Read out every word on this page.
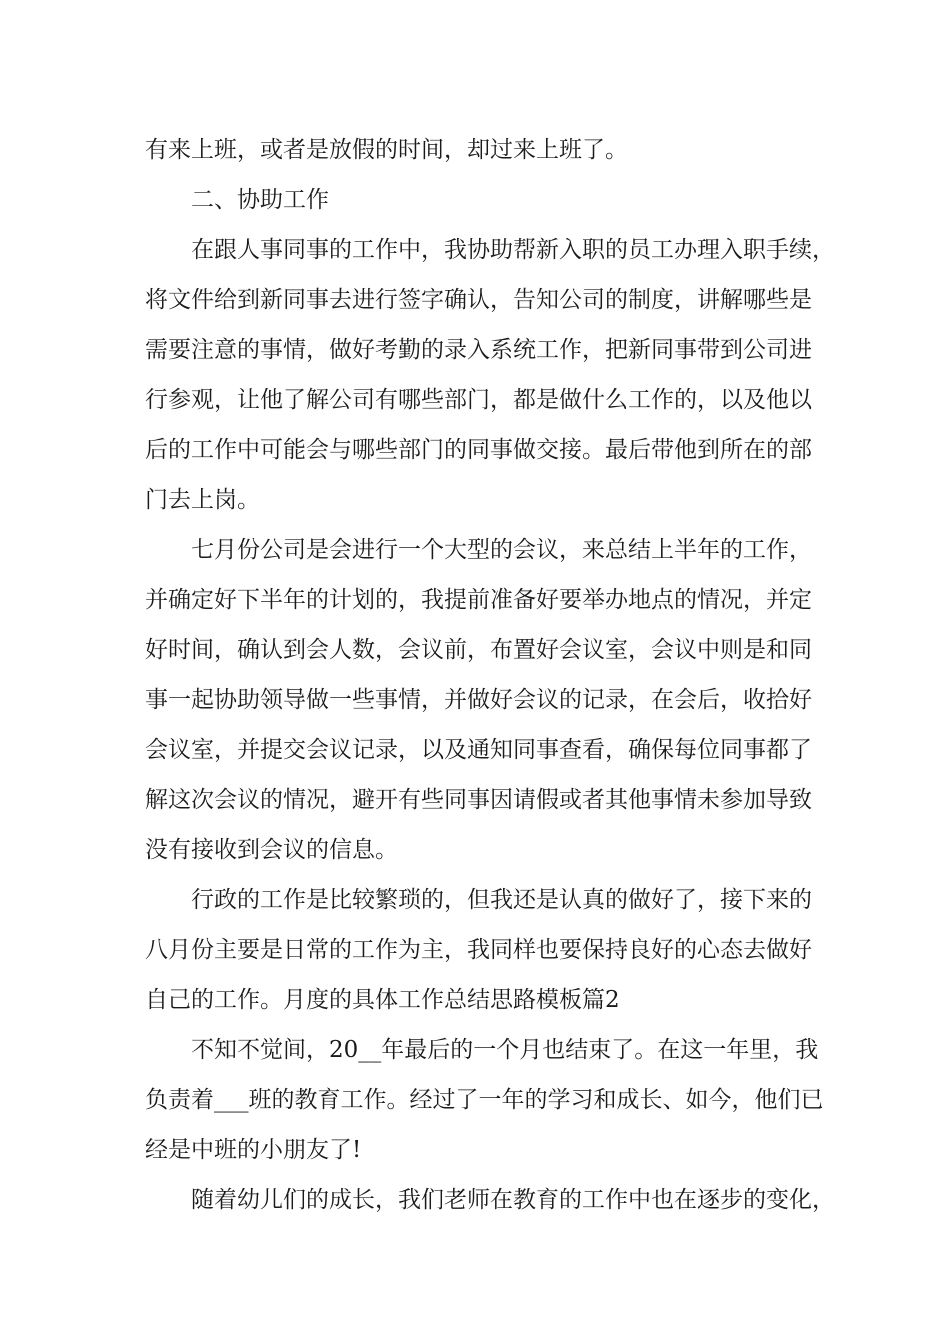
有来上班，或者是放假的时间，却过来上班了。
二、协助工作
在跟人事同事的工作中，我协助帮新入职的员工办理入职手续，
将文件给到新同事去进行签字确认，告知公司的制度，讲解哪些是
需要注意的事情，做好考勤的录入系统工作，把新同事带到公司进
行参观，让他了解公司有哪些部门，都是做什么工作的，以及他以
后的工作中可能会与哪些部门的同事做交接。最后带他到所在的部
门去上岗。
七月份公司是会进行一个大型的会议，来总结上半年的工作，
并确定好下半年的计划的，我提前准备好要举办地点的情况，并定
好时间，确认到会人数，会议前，布置好会议室，会议中则是和同
事一起协助领导做一些事情，并做好会议的记录，在会后，收拾好
会议室，并提交会议记录，以及通知同事查看，确保每位同事都了
解这次会议的情况，避开有些同事因请假或者其他事情未参加导致
没有接收到会议的信息。
行政的工作是比较繁琐的，但我还是认真的做好了，接下来的
八月份主要是日常的工作为主，我同样也要保持良好的心态去做好
自己的工作。月度的具体工作总结思路模板篇2
不知不觉间，20__年最后的一个月也结束了。在这一年里，我
负责着___班的教育工作。经过了一年的学习和成长、如今，他们已
经是中班的小朋友了!
随着幼儿们的成长，我们老师在教育的工作中也在逐步的变化，
